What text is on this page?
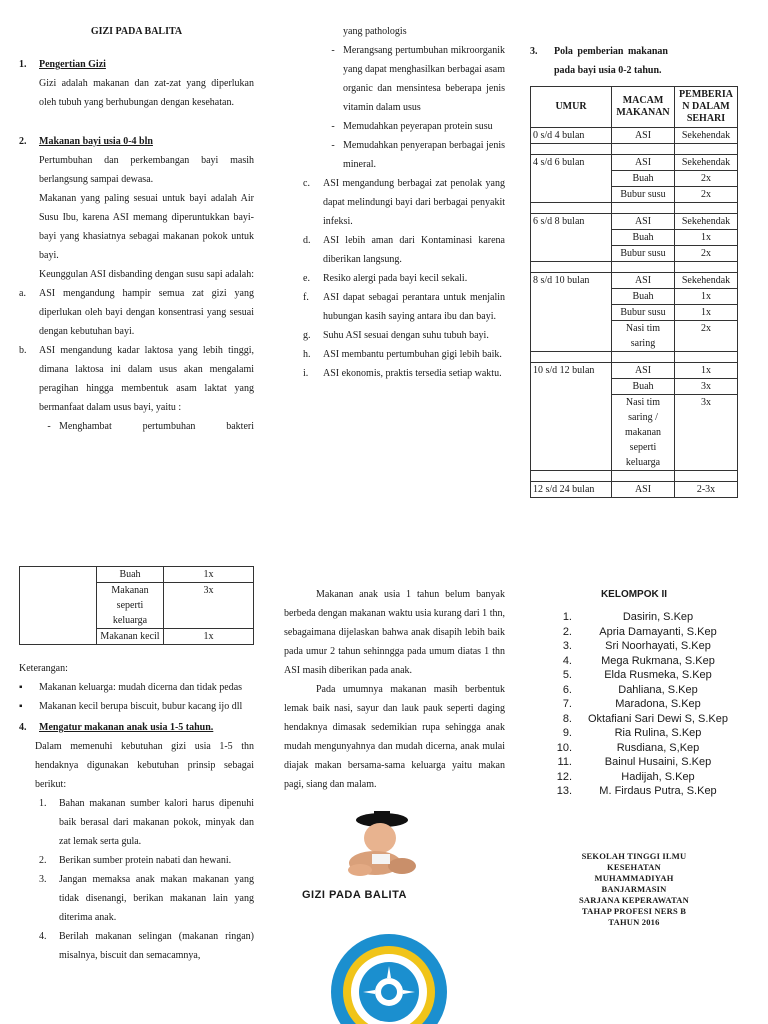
GIZI PADA BALITA
1.	Pengertian Gizi
Gizi adalah makanan dan zat-zat yang diperlukan oleh tubuh yang berhubungan dengan kesehatan.
2.	Makanan bayi usia 0-4 bln
Pertumbuhan dan perkembangan bayi masih berlangsung sampai dewasa.
Makanan yang paling sesuai untuk bayi adalah Air Susu Ibu, karena ASI memang diperuntukkan bayi-bayi yang khasiatnya sebagai makanan pokok untuk bayi.
Keunggulan ASI disbanding dengan susu sapi adalah:
a.	ASI mengandung hampir semua zat gizi yang diperlukan oleh bayi dengan konsentrasi yang sesuai dengan kebutuhan bayi.
b.	ASI mengandung kadar laktosa yang lebih tinggi, dimana laktosa ini dalam usus akan mengalami peragihan hingga membentuk asam laktat yang bermanfaat dalam usus bayi, yaitu :
- Menghambat pertumbuhan bakteri
yang pathologis
- Merangsang pertumbuhan mikroorganik yang dapat menghasilkan berbagai asam organic dan mensintesa beberapa jenis vitamin dalam usus
- Memudahkan peyerapan protein susu
- Memudahkan penyerapan berbagai jenis mineral.
c.	ASI mengandung berbagai zat penolak yang dapat melindungi bayi dari berbagai penyakit infeksi.
d.	ASI lebih aman dari Kontaminasi karena diberikan langsung.
e.	Resiko alergi pada bayi kecil sekali.
f.	ASI dapat sebagai perantara untuk menjalin hubungan kasih saying antara ibu dan bayi.
g.	Suhu ASI sesuai dengan suhu tubuh bayi.
h.	ASI membantu pertumbuhan gigi lebih baik.
i.	ASI ekonomis, praktis tersedia setiap waktu.
3.	Pola pemberian makanan pada bayi usia 0-2 tahun.
UMUR	MACAM MAKANAN	PEMBERIA
N DALAM
SEHARI
0 s/d 4 bulan	ASI	Sekehendak

4 s/d 6 bulan	ASI	Sekehendak
	Buah	2x
	Bubur susu	2x

6 s/d 8 bulan	ASI	Sekehendak
	Buah	1x
	Bubur susu	2x

8 s/d 10 bulan	ASI	Sekehendak
	Buah	1x
	Bubur susu	1x
	Nasi tim saring	2x

10 s/d 12 bulan	ASI	1x
	Buah	3x
	Nasi tim saring / makanan seperti keluarga	3x

12 s/d 24 bulan	ASI	2-3x
	Buah	1x
	Makanan seperti keluarga	3x
	Makanan kecil	1x
Keterangan:
▪	Makanan keluarga: mudah dicerna dan tidak pedas
▪	Makanan kecil berupa biscuit, bubur kacang ijo dll
4.	Mengatur makanan anak usia 1-5 tahun.
Dalam memenuhi kebutuhan gizi usia 1-5 thn hendaknya digunakan kebutuhan prinsip sebagai berikut:
1.	Bahan makanan sumber kalori harus dipenuhi baik berasal dari makanan pokok, minyak dan zat lemak serta gula.
2.	Berikan sumber protein nabati dan hewani.
3.	Jangan memaksa anak makan makanan yang tidak disenangi, berikan makanan lain yang diterima anak.
4.	Berilah makanan selingan (makanan ringan) misalnya, biscuit dan semacamnya,
Makanan anak usia 1 tahun belum banyak berbeda dengan makanan waktu usia kurang dari 1 thn, sebagaimana dijelaskan bahwa anak disapih lebih baik pada umur 2 tahun sehinngga pada umum diatas 1 thn ASI masih diberikan pada anak.
Pada umumnya makanan masih berbentuk lemak baik nasi, sayur dan lauk pauk seperti daging hendaknya dimasak sedemikian rupa sehingga anak mudah mengunyahnya dan mudah dicerna, anak mulai diajak makan bersama-sama keluarga yaitu makan pagi, siang dan malam.
GIZI PADA BALITA
KELOMPOK II
1.	Dasirin, S.Kep
2.	Apria Damayanti, S.Kep
3.	Sri Noorhayati, S.Kep
4.	Mega Rukmana, S.Kep
5.	Elda Rusmeka, S.Kep
6.	Dahliana, S.Kep
7.	Maradona, S.Kep
8.	Oktafiani Sari Dewi S, S.Kep
9.	Ria Rulina, S.Kep
10.	Rusdiana, S,Kep
11.	Bainul Husaini, S.Kep
12.	Hadijah, S.Kep
13.	M. Firdaus Putra, S.Kep
SEKOLAH TINGGI ILMU
KESEHATAN
MUHAMMADIYAH
BANJARMASIN
SARJANA KEPERAWATAN
TAHAP PROFESI NERS B
TAHUN 2016
